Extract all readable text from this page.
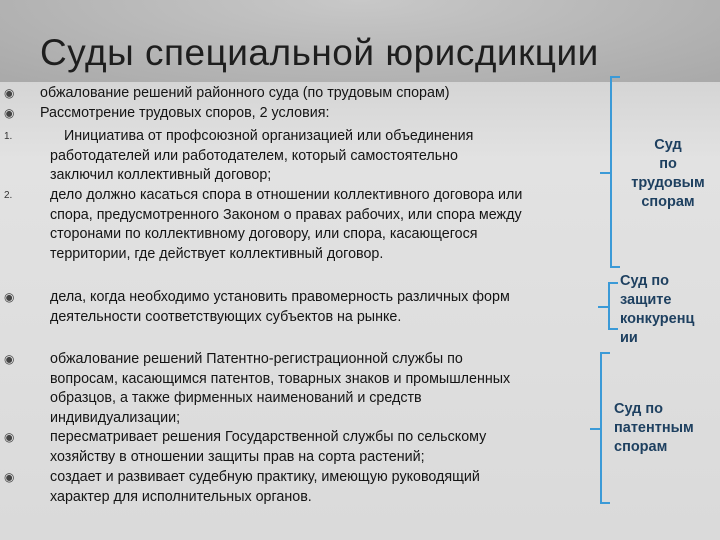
Суды специальной юрисдикции
◉	обжалование решений районного суда (по трудовым спорам)
◉	Рассмотрение трудовых споров, 2 условия:
1.	Инициатива от профсоюзной организацией или объединения
работодателей или работодателем, который самостоятельно
заключил коллективный договор;
2.	дело должно касаться спора в отношении коллективного договора или
спора, предусмотренного Законом о правах рабочих, или спора между
сторонами по коллективному договору, или спора, касающегося
территории, где действует коллективный договор.
◉	дела, когда необходимо установить правомерность различных форм
деятельности соответствующих субъектов на рынке.
◉	обжалование решений Патентно-регистрационной службы по
вопросам, касающимся патентов, товарных знаков и промышленных
образцов, а также фирменных наименований и средств
индивидуализации;
◉	пересматривает решения Государственной службы по сельскому
хозяйству в отношении защиты прав на сорта растений;
◉	создает и развивает судебную практику, имеющую руководящий
характер для исполнительных органов.
Суд
по
трудовым
спорам
Суд по
защите
конкуренц
ии
Суд по
патентным
спорам
